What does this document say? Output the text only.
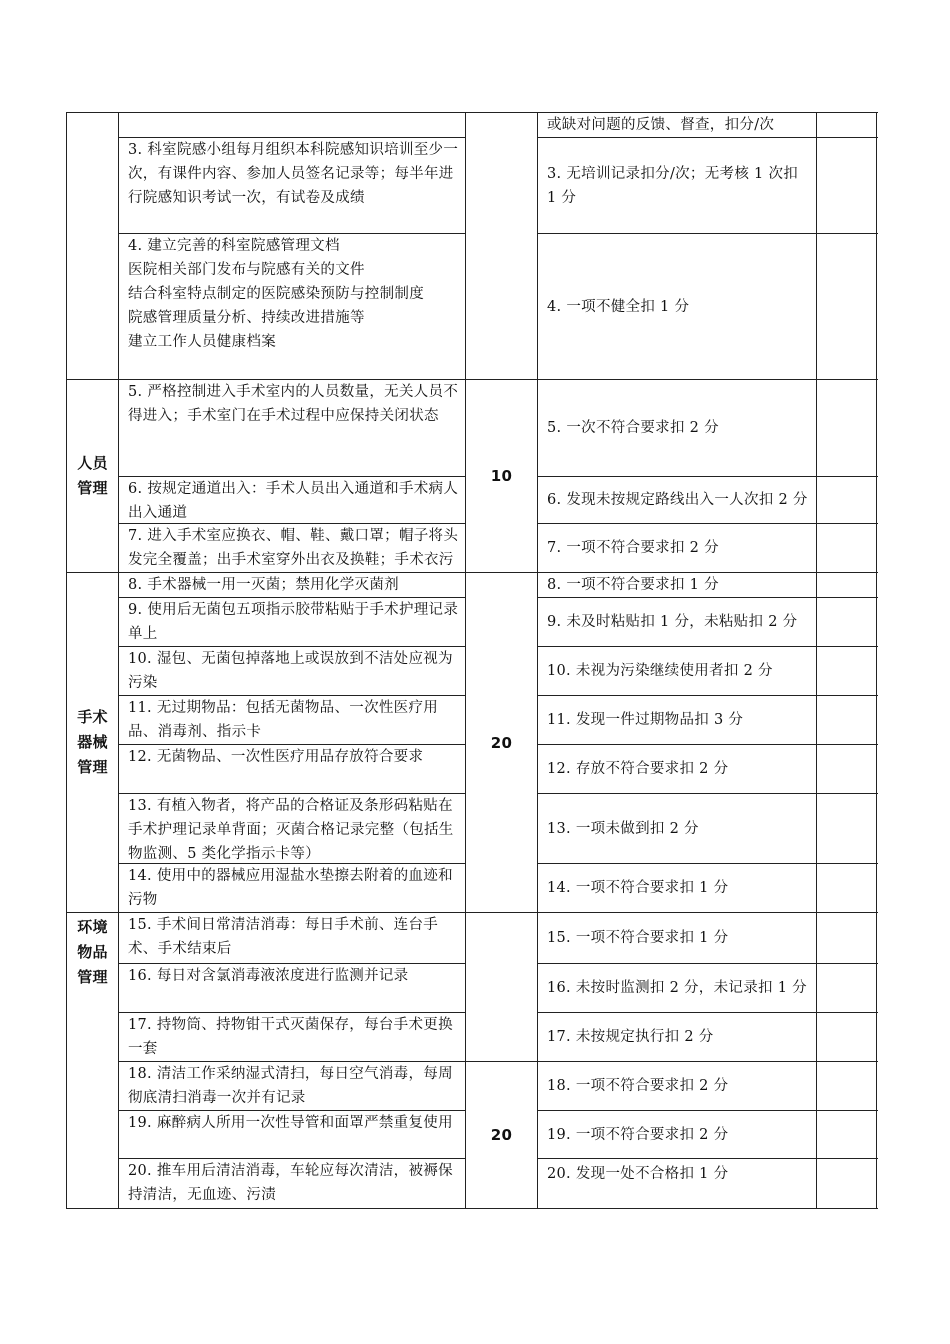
人员
管理
手术
器械
管理
环境
物品
管理
10
20
20
或缺对问题的反馈、督查，扣分/次
3. 科室院感小组每月组织本科院感知识培训至少一次，有课件内容、参加人员签名记录等；每半年进行院感知识考试一次，有试卷及成绩
3. 无培训记录扣分/次；无考核 1 次扣 1 分
4. 建立完善的科室院感管理文档
医院相关部门发布与院感有关的文件
结合科室特点制定的医院感染预防与控制制度
院感管理质量分析、持续改进措施等
建立工作人员健康档案
4. 一项不健全扣 1 分
5. 严格控制进入手术室内的人员数量，无关人员不得进入；手术室门在手术过程中应保持关闭状态
5. 一次不符合要求扣 2 分
6. 按规定通道出入：手术人员出入通道和手术病人出入通道
6. 发现未按规定路线出入一人次扣 2 分
7. 进入手术室应换衣、帽、鞋、戴口罩；帽子将头发完全覆盖；出手术室穿外出衣及换鞋；手术衣污
7. 一项不符合要求扣 2 分
8. 手术器械一用一灭菌；禁用化学灭菌剂	8. 一项不符合要求扣 1 分
9. 使用后无菌包五项指示胶带粘贴于手术护理记录单上
9. 未及时粘贴扣 1 分，未粘贴扣 2 分
10. 湿包、无菌包掉落地上或误放到不洁处应视为污染
10. 未视为污染继续使用者扣 2 分
11. 无过期物品：包括无菌物品、一次性医疗用品、消毒剂、指示卡
11. 发现一件过期物品扣 3 分
12. 无菌物品、一次性医疗用品存放符合要求
12. 存放不符合要求扣 2 分
13. 有植入物者，将产品的合格证及条形码粘贴在手术护理记录单背面；灭菌合格记录完整（包括生物监测、5 类化学指示卡等）
13. 一项未做到扣 2 分
14. 使用中的器械应用湿盐水垫擦去附着的血迹和污物
14. 一项不符合要求扣 1 分
15. 手术间日常清洁消毒：每日手术前、连台手术、手术结束后
15. 一项不符合要求扣 1 分
16. 每日对含氯消毒液浓度进行监测并记录
16. 未按时监测扣 2 分，未记录扣 1 分
17. 持物筒、持物钳干式灭菌保存，每台手术更换一套
17. 未按规定执行扣 2 分
18. 清洁工作采纳湿式清扫，每日空气消毒，每周彻底清扫消毒一次并有记录
18. 一项不符合要求扣 2 分
19. 麻醉病人所用一次性导管和面罩严禁重复使用
19. 一项不符合要求扣 2 分
20. 推车用后清洁消毒，车轮应每次清洁，被褥保持清洁，无血迹、污渍
20. 发现一处不合格扣 1 分
